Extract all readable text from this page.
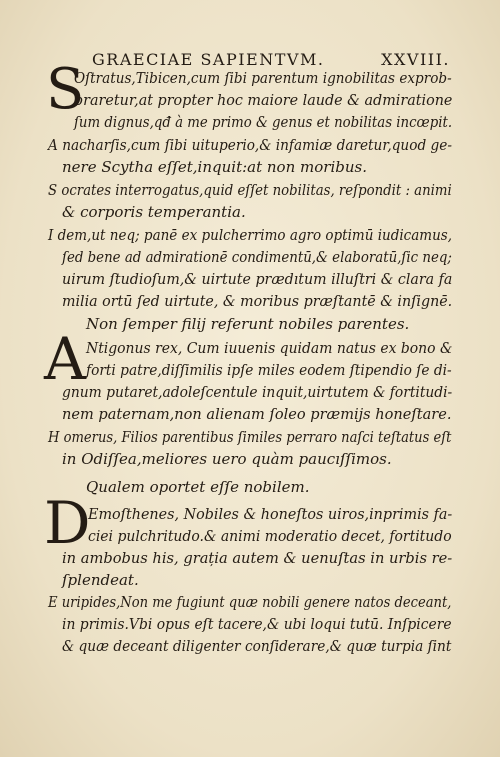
GRAECIAE SAPIENTVM.	XXVIII.
S
Oſtratus,Tibicen,cum ſibi parentum ignobilitas exprob-
braretur,at propter hoc maiore laude & admiratione
ſum dignus,qđ à me primo & genus et nobilitas incœpit.
A nacharſis,cum ſibi uituperio,& infamiæ daretur,quod ge-
nere Scytha eſſet,inquit:at non moribus.
S ocrates interrogatus,quid eſſet nobilitas, reſpondit : animi
& corporis temperantia.
I dem,ut neq; panē ex pulcherrimo agro optimū iudicamus,
ſed bene ad admirationē condimentū,& elaboratū,ſic neq;
uirum ſtudioſum,& uirtute prædıtum illuſtri & clara fa
milia ortū ſed uirtute, & moribus præſtantē & inſignē.
Non ſemper filij referunt nobiles parentes.
A Ntigonus rex, Cum iuuenis quidam natus ex bono &
forti patre,diſſimilis ipſe miles eodem ſtipendio ſe di-
gnum putaret,adoleſcentule inquit,uirtutem & fortitudi-
nem paternam,non alienam ſoleo præmijs honeſtare.
H omerus, Filios parentibus ſimiles perraro naſci teſtatus eſt
in Odiſſea,meliores uero quàm paucıſſimos.
Qualem oportet eſſe nobilem.
D
Emoſthenes, Nobiles & honeſtos uiros,inprimis fa-
ciei pulchritudo.& animi moderatio decet, fortitudo
in ambobus his, grația autem & uenuſtas in urbis re-
ſplendeat.
E uripides,Non me fugiunt quæ nobili genere natos deceant,
in primis.Vbi opus eſt tacere,& ubi loqui tutū. Inſpicere
& quæ deceant diligenter conſiderare,& quæ turpia ſint
